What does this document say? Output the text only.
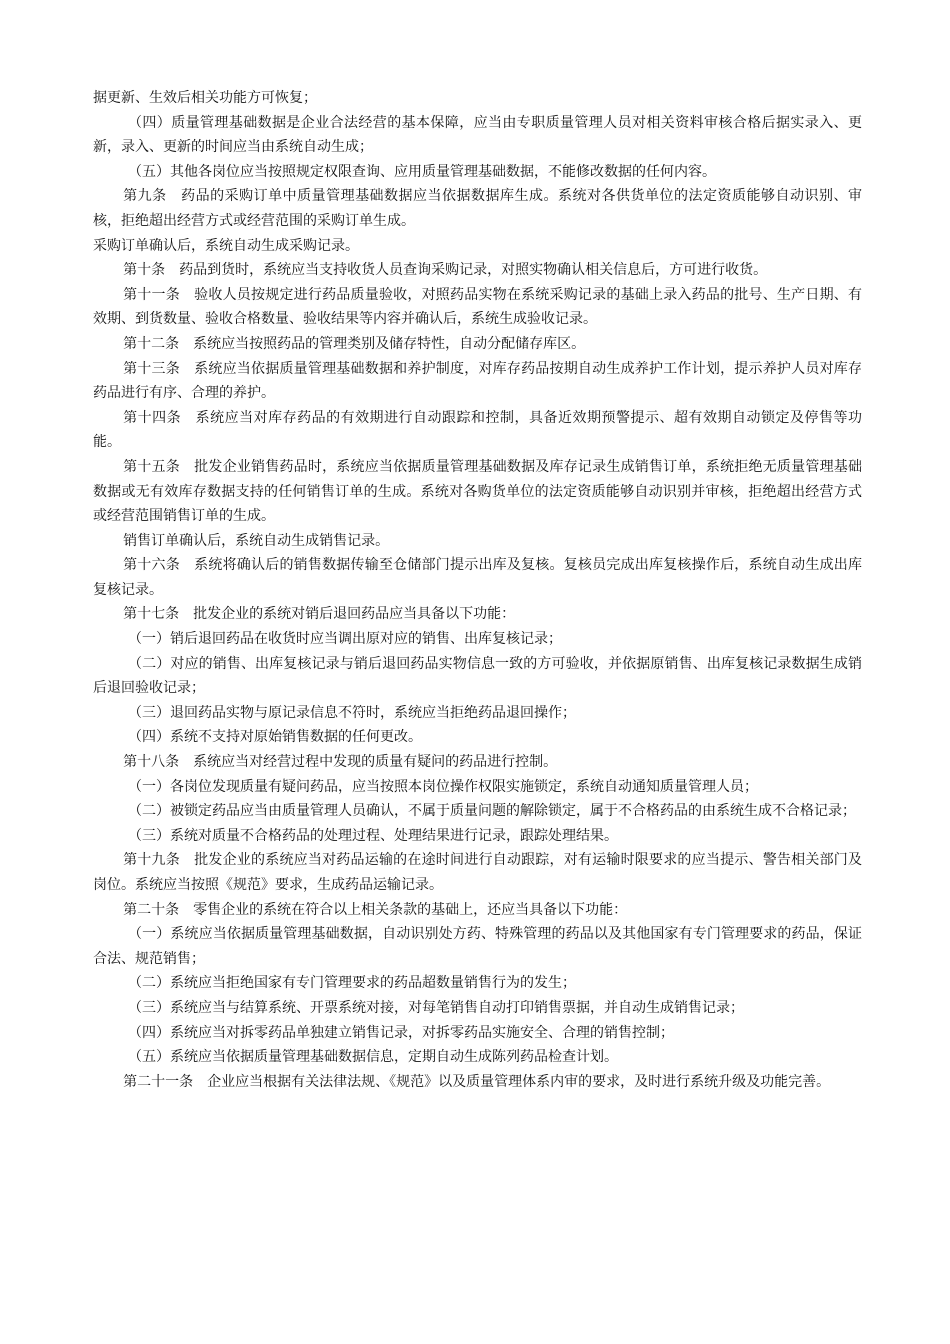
据更新、生效后相关功能方可恢复；

（四）质量管理基础数据是企业合法经营的基本保障，应当由专职质量管理人员对相关资料审核合格后据实录入、更新，录入、更新的时间应当由系统自动生成；

（五）其他各岗位应当按照规定权限查询、应用质量管理基础数据，不能修改数据的任何内容。

第九条　药品的采购订单中质量管理基础数据应当依据数据库生成。系统对各供货单位的法定资质能够自动识别、审核，拒绝超出经营方式或经营范围的采购订单生成。

采购订单确认后，系统自动生成采购记录。

第十条　药品到货时，系统应当支持收货人员查询采购记录，对照实物确认相关信息后，方可进行收货。

第十一条　验收人员按规定进行药品质量验收，对照药品实物在系统采购记录的基础上录入药品的批号、生产日期、有效期、到货数量、验收合格数量、验收结果等内容并确认后，系统生成验收记录。

第十二条　系统应当按照药品的管理类别及储存特性，自动分配储存库区。

第十三条　系统应当依据质量管理基础数据和养护制度，对库存药品按期自动生成养护工作计划，提示养护人员对库存药品进行有序、合理的养护。

第十四条　系统应当对库存药品的有效期进行自动跟踪和控制，具备近效期预警提示、超有效期自动锁定及停售等功能。

第十五条　批发企业销售药品时，系统应当依据质量管理基础数据及库存记录生成销售订单，系统拒绝无质量管理基础数据或无有效库存数据支持的任何销售订单的生成。系统对各购货单位的法定资质能够自动识别并审核，拒绝超出经营方式或经营范围销售订单的生成。

销售订单确认后，系统自动生成销售记录。

第十六条　系统将确认后的销售数据传输至仓储部门提示出库及复核。复核员完成出库复核操作后，系统自动生成出库复核记录。

第十七条　批发企业的系统对销后退回药品应当具备以下功能：

（一）销后退回药品在收货时应当调出原对应的销售、出库复核记录；

（二）对应的销售、出库复核记录与销后退回药品实物信息一致的方可验收，并依据原销售、出库复核记录数据生成销后退回验收记录；

（三）退回药品实物与原记录信息不符时，系统应当拒绝药品退回操作；

（四）系统不支持对原始销售数据的任何更改。

第十八条　系统应当对经营过程中发现的质量有疑问的药品进行控制。

（一）各岗位发现质量有疑问药品，应当按照本岗位操作权限实施锁定，系统自动通知质量管理人员；

（二）被锁定药品应当由质量管理人员确认，不属于质量问题的解除锁定，属于不合格药品的由系统生成不合格记录；

（三）系统对质量不合格药品的处理过程、处理结果进行记录，跟踪处理结果。

第十九条　批发企业的系统应当对药品运输的在途时间进行自动跟踪，对有运输时限要求的应当提示、警告相关部门及岗位。系统应当按照《规范》要求，生成药品运输记录。

第二十条　零售企业的系统在符合以上相关条款的基础上，还应当具备以下功能：

（一）系统应当依据质量管理基础数据，自动识别处方药、特殊管理的药品以及其他国家有专门管理要求的药品，保证合法、规范销售；

（二）系统应当拒绝国家有专门管理要求的药品超数量销售行为的发生；

（三）系统应当与结算系统、开票系统对接，对每笔销售自动打印销售票据，并自动生成销售记录；

（四）系统应当对拆零药品单独建立销售记录，对拆零药品实施安全、合理的销售控制；

（五）系统应当依据质量管理基础数据信息，定期自动生成陈列药品检查计划。

第二十一条　企业应当根据有关法律法规、《规范》以及质量管理体系内审的要求，及时进行系统升级及功能完善。
